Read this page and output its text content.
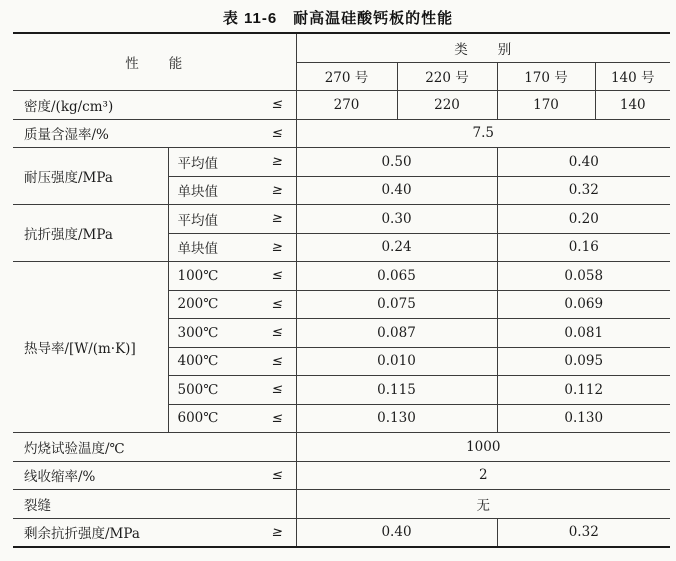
表 11-6　耐高温硅酸钙板的性能
性　　能		类　　别			
		270 号	220 号	170 号	140 号

密度/(kg/cm³) ≤		270	220	170	140

质量含湿率/% ≤		7.5			

耐压强度/MPa	平均值 ≥	0.50		0.40	

	单块值 ≥	0.40		0.32	

抗折强度/MPa	平均值 ≥	0.30		0.20	

	单块值 ≥	0.24		0.16	

热导率/[W/(m·K)]	100℃ ≤	0.065		0.058	

	200℃ ≤	0.075		0.069	

	300℃ ≤	0.087		0.081	

	400℃ ≤	0.010		0.095	

	500℃ ≤	0.115		0.112	

	600℃ ≤	0.130		0.130	

灼烧试验温度/℃		1000			

线收缩率/% ≤		2			

裂缝		无			

剩余抗折强度/MPa ≥		0.40		0.32	
